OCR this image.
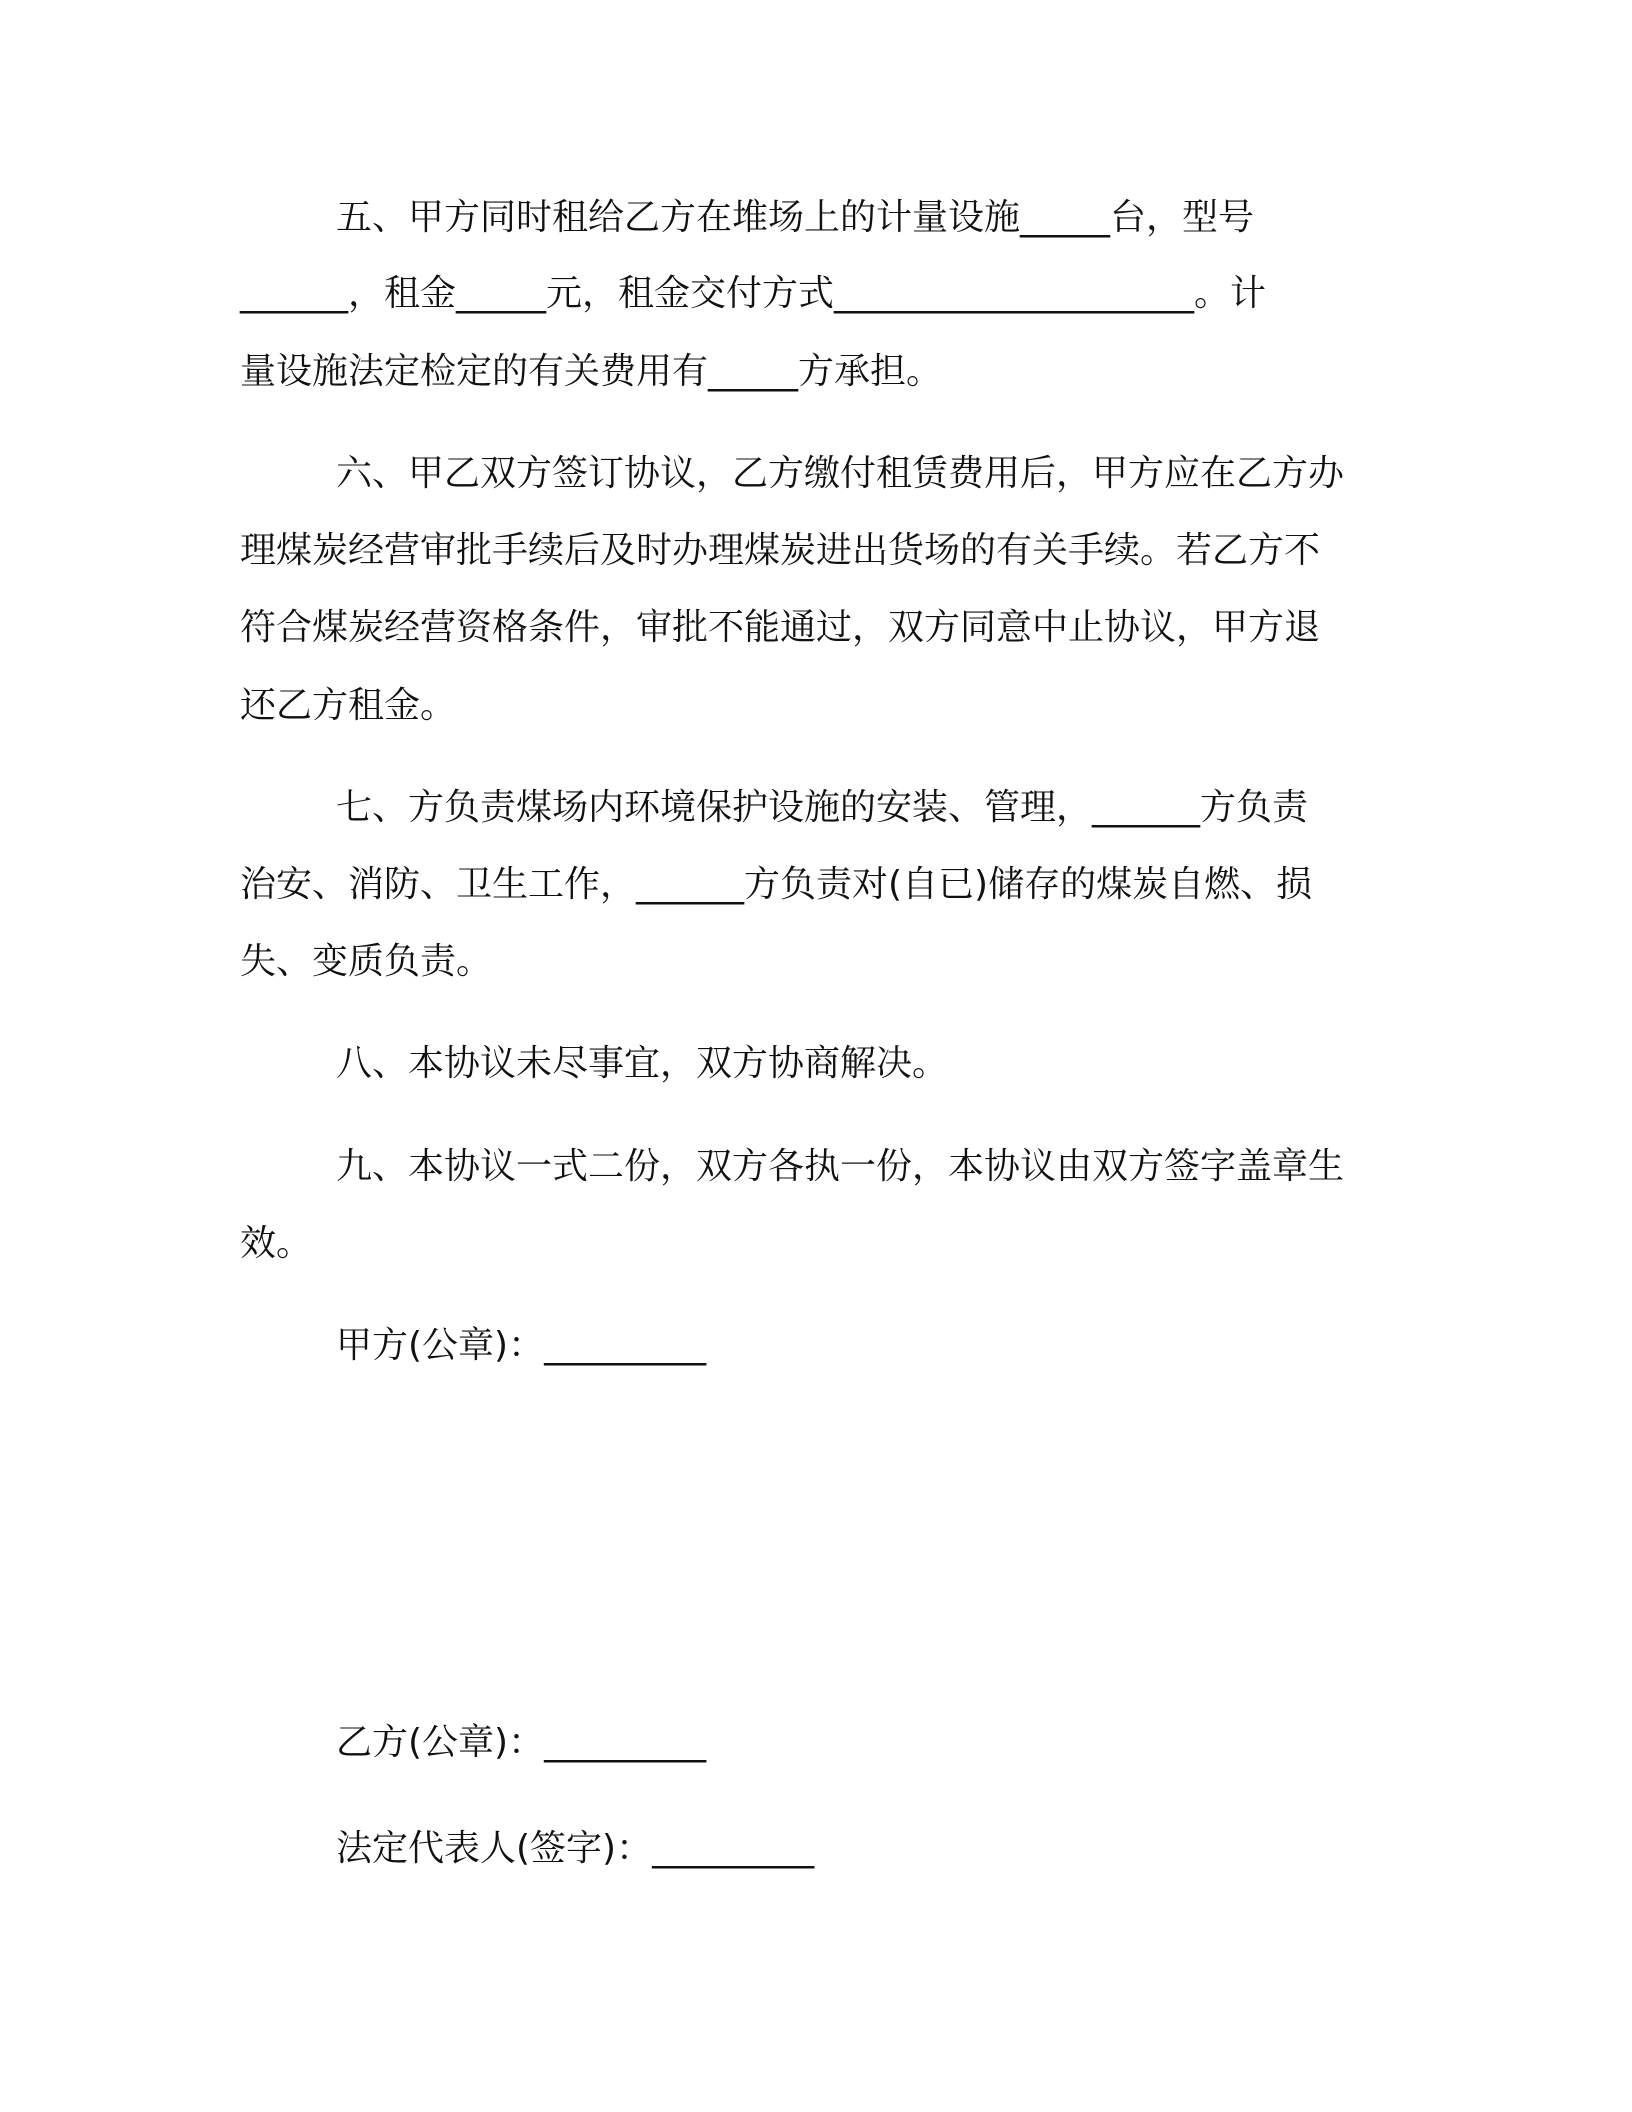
五、甲方同时租给乙方在堆场上的计量设施_____台，型号
______，租金_____元，租金交付方式____________________。计
量设施法定检定的有关费用有_____方承担。
六、甲乙双方签订协议，乙方缴付租赁费用后，甲方应在乙方办
理煤炭经营审批手续后及时办理煤炭进出货场的有关手续。若乙方不
符合煤炭经营资格条件，审批不能通过，双方同意中止协议，甲方退
还乙方租金。
七、方负责煤场内环境保护设施的安装、管理，______方负责
治安、消防、卫生工作，______方负责对(自已)储存的煤炭自燃、损
失、变质负责。
八、本协议未尽事宜，双方协商解决。
九、本协议一式二份，双方各执一份，本协议由双方签字盖章生
效。
甲方(公章)：_________
乙方(公章)：_________
法定代表人(签字)：_________
